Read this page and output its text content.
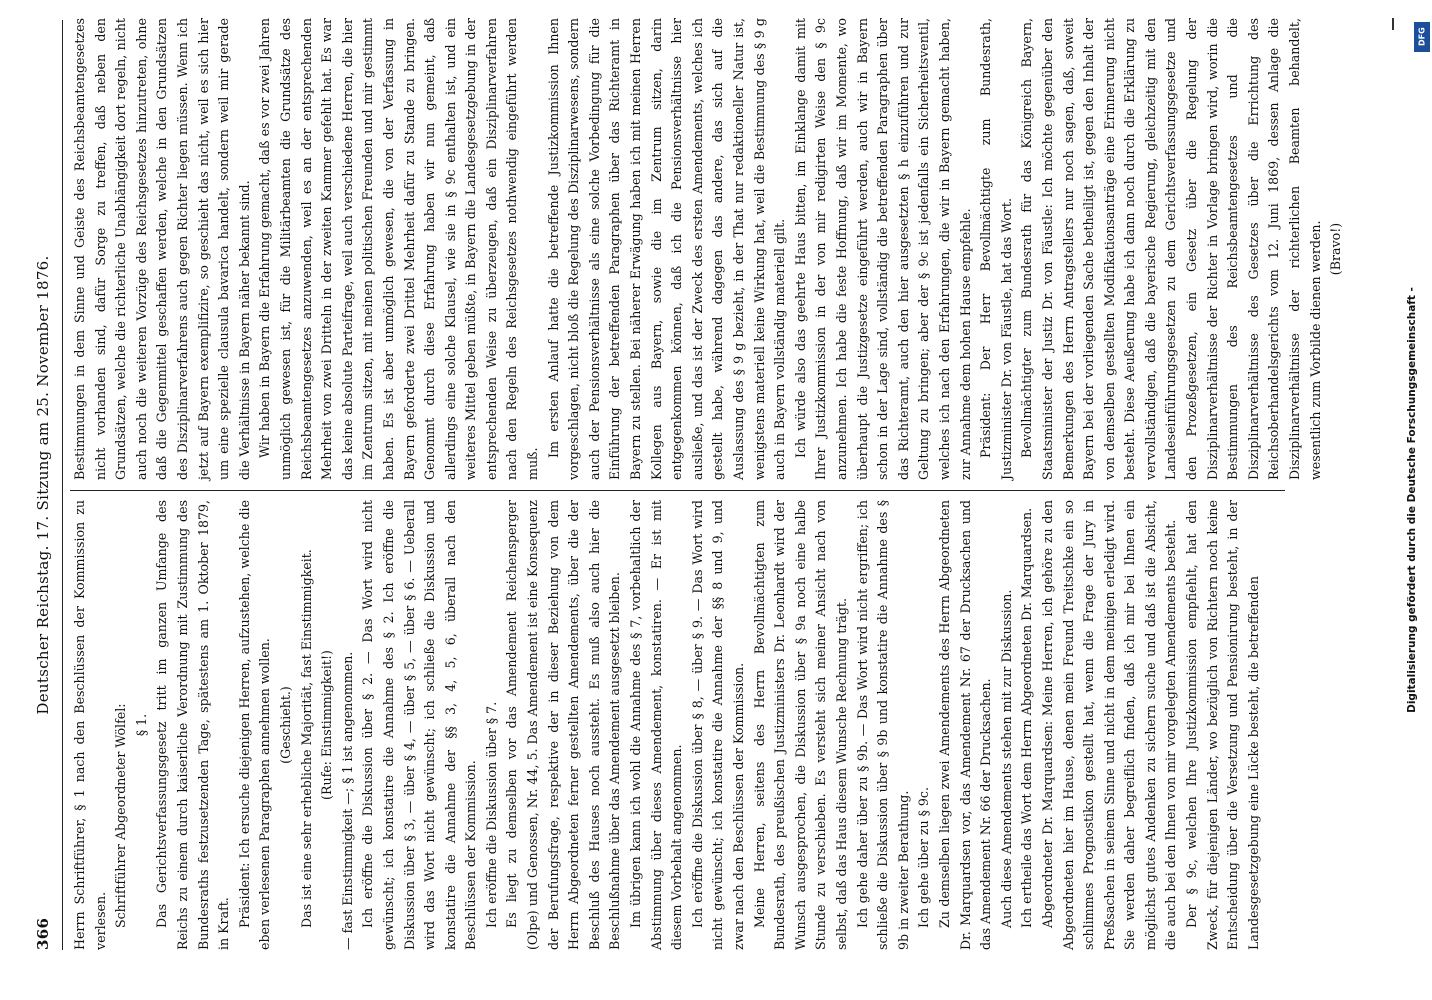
366
Deutscher Reichstag. 17. Sitzung am 25. November 1876.

Herrn Schriftführer, § 1 nach den Beschlüssen der Kommission zu verlesen. Schriftführer Abgeordneter Wölfel: § 1. Das Gerichtsverfassungsgesetz tritt im ganzen Umfange des Reichs zu einem durch kaiserliche Verordnung mit Zustimmung des Bundesraths festzusetzenden Tage, spätestens am 1. Oktober 1879, in Kraft. Präsident: Ich ersuche diejenigen Herren, aufzustehen, welche die eben verlesenen Paragraphen annehmen wollen. (Geschieht.) Das ist eine sehr erhebliche Majorität, fast Einstimmigkeit. (Rufe: Einstimmigkeit!) — fast Einstimmigkeit —; § 1 ist angenommen. Ich eröffne die Diskussion über § 2. — Das Wort wird nicht gewünscht; ich konstatire die Annahme des § 2. Ich eröffne die Diskussion über § 3, — über § 4, — über § 5, — über § 6. — Ueberall wird das Wort nicht gewünscht; ich schließe die Diskussion und konstatire die Annahme der §§ 3, 4, 5, 6, überall nach den Beschlüssen der Kommission. Ich eröffne die Diskussion über § 7. Es liegt zu demselben vor das Amendement Reichensperger (Olpe) und Genossen, Nr. 44, 5. Das Amendement ist eine Konsequenz der Berufungsfrage, respektive der in dieser Beziehung von dem Herrn Abgeordneten ferner gestellten Amendements, über die der Beschluß des Hauses noch aussteht. Es muß also auch hier die Beschlußnahme über das Amendement ausgesetzt bleiben. Im übrigen kann ich wohl die Annahme des § 7, vorbehaltlich der Abstimmung über dieses Amendement, konstatiren. — Er ist mit diesem Vorbehalt angenommen. Ich eröffne die Diskussion über § 8, — über § 9. — Das Wort wird nicht gewünscht; ich konstatire die Annahme der §§ 8 und 9, und zwar nach den Beschlüssen der Kommission. Meine Herren, seitens des Herrn Bevollmächtigten zum Bundesrath, des preußischen Justizministers Dr. Leonhardt wird der Wunsch ausgesprochen, die Diskussion über § 9a noch eine halbe Stunde zu verschieben. Es versteht sich meiner Ansicht nach von selbst, daß das Haus diesem Wunsche Rechnung trägt. Ich gehe daher über zu § 9b. — Das Wort wird nicht ergriffen; ich schließe die Diskussion über § 9b und konstatire die Annahme des § 9b in zweiter Berathung. Ich gehe über zu § 9c. Zu demselben liegen zwei Amendements des Herrn Abgeordneten Dr. Marquardsen vor, das Amendement Nr. 67 der Drucksachen und das Amendement Nr. 66 der Drucksachen. Auch diese Amendements stehen mit zur Diskussion. Ich ertheile das Wort dem Herrn Abgeordneten Dr. Marquardsen. Abgeordneter Dr. Marquardsen: Meine Herren, ich gehöre zu den Abgeordneten hier im Hause, denen mein Freund Treitschke ein so schlimmes Prognostikon gestellt hat, wenn die Frage der Jury in Preßsachen in seinem Sinne und nicht in dem meinigen erledigt wird. Sie werden daher begreiflich finden, daß ich mir bei Ihnen ein möglichst gutes Andenken zu sichern suche und daß ist die Absicht, die auch bei den Ihnen von mir vorgelegten Amendements besteht. Der § 9c, welchen Ihre Justizkommission empfiehlt, hat den Zweck, für diejenigen Länder, wo bezüglich von Richtern noch keine Entscheidung über die Versetzung und Pensionirung besteht, in der Landesgesetzgebung eine Lücke besteht, die betreffenden

Bestimmungen in dem Sinne und Geiste des Reichsbeamtengesetzes nicht vorhanden sind, dafür Sorge zu treffen, daß neben den Grundsätzen, welche die richterliche Unabhängigkeit dort regeln, nicht auch noch die weiteren Vorzüge des Reichsgesetzes hinzutreten, ohne daß die Gegenmittel geschaffen werden, welche in den Grundsätzen des Disziplinarverfahrens auch gegen Richter liegen müssen. Wenn ich jetzt auf Bayern exemplifizire, so geschieht das nicht, weil es sich hier um eine spezielle clausula bavarica handelt, sondern weil mir gerade die Verhältnisse in Bayern näher bekannt sind. Wir haben in Bayern die Erfahrung gemacht, daß es vor zwei Jahren unmöglich gewesen ist, für die Militärbeamten die Grundsätze des Reichsbeamtengesetzes anzuwenden, weil es an der entsprechenden Mehrheit von zwei Dritteln in der zweiten Kammer gefehlt hat. Es war das keine absolute Parteifrage, weil auch verschiedene Herren, die hier im Zentrum sitzen, mit meinen politischen Freunden und mir gestimmt haben. Es ist aber unmöglich gewesen, die von der Verfassung in Bayern geforderte zwei Drittel Mehrheit dafür zu Stande zu bringen. Genommt durch diese Erfahrung haben wir nun gemeint, daß allerdings eine solche Klausel, wie sie in § 9c enthalten ist, und ein weiteres Mittel geben müßte, in Bayern die Landesgesetzgebung in der entsprechenden Weise zu überzeugen, daß ein Disziplinarverfahren nach den Regeln des Reichsgesetzes nothwendig eingeführt werden muß.

Im ersten Anlauf hatte die betreffende Justizkommission Ihnen vorgeschlagen, nicht bloß die Regelung des Disziplinarwesens, sondern auch der Pensionsverhältnisse als eine solche Vorbedingung für die Einführung der betreffenden Paragraphen über das Richteramt in Bayern zu stellen. Bei näherer Erwägung haben ich mit meinen Herren Kollegen aus Bayern, sowie die im Zentrum sitzen, darin entgegenkommen können, daß ich die Pensionsverhältnisse hier ausließe, und das ist der Zweck des ersten Amendements, welches ich gestellt habe, während dagegen das andere, das sich auf die Auslassung des § 9 g bezieht, in der That nur redaktioneller Natur ist, wenigstens materiell keine Wirkung hat, weil die Bestimmung des § 9 g auch in Bayern vollständig materiell gilt. Ich würde also das geehrte Haus bitten, im Einklange damit mit Ihrer Justizkommission in der von mir redigirten Weise den § 9c anzunehmen. Ich habe die feste Hoffnung, daß wir im Momente, wo überhaupt die Justizgesetze eingeführt werden, auch wir in Bayern schon in der Lage sind, vollständig die betreffenden Paragraphen über das Richteramt, auch den hier ausgesetzten § h einzuführen und zur Geltung zu bringen; aber der § 9c ist jedenfalls ein Sicherheitsventil, welches ich nach den Erfahrungen, die wir in Bayern gemacht haben, zur Annahme dem hohen Hause empfehle. Präsident: Der Herr Bevollmächtigte zum Bundesrath, Justizminister Dr. von Fäustle, hat das Wort. Bevollmächtigter zum Bundesrath für das Königreich Bayern, Staatsminister der Justiz Dr. von Fäustle: Ich möchte gegenüber den Bemerkungen des Herrn Antragstellers nur noch sagen, daß, soweit Bayern bei der vorliegenden Sache betheiligt ist, gegen den Inhalt der von demselben gestellten Modifikationsanträge eine Erinnerung nicht besteht. Diese Aeußerung habe ich dann noch durch die Erklärung zu vervollständigen, daß die bayerische Regierung, gleichzeitig mit den Landeseinführungsgesetzen zu dem Gerichtsverfassungsgesetze und den Prozeßgesetzen, ein Gesetz über die Regelung der Disziplinarverhältnisse der Richter in Vorlage bringen wird, worin die Bestimmungen des Reichsbeamtengesetzes und die Disziplinarverhältnisse des Gesetzes über die Errichtung des Reichsoberhandelsgerichts vom 12. Juni 1869, dessen Anlage die Disziplinarverhältnisse der richterlichen Beamten behandelt, wesentlich zum Vorbilde dienen werden. (Bravo!)

DFG
Digitalisierung gefördert durch die Deutsche Forschungsgemeinschaft -
